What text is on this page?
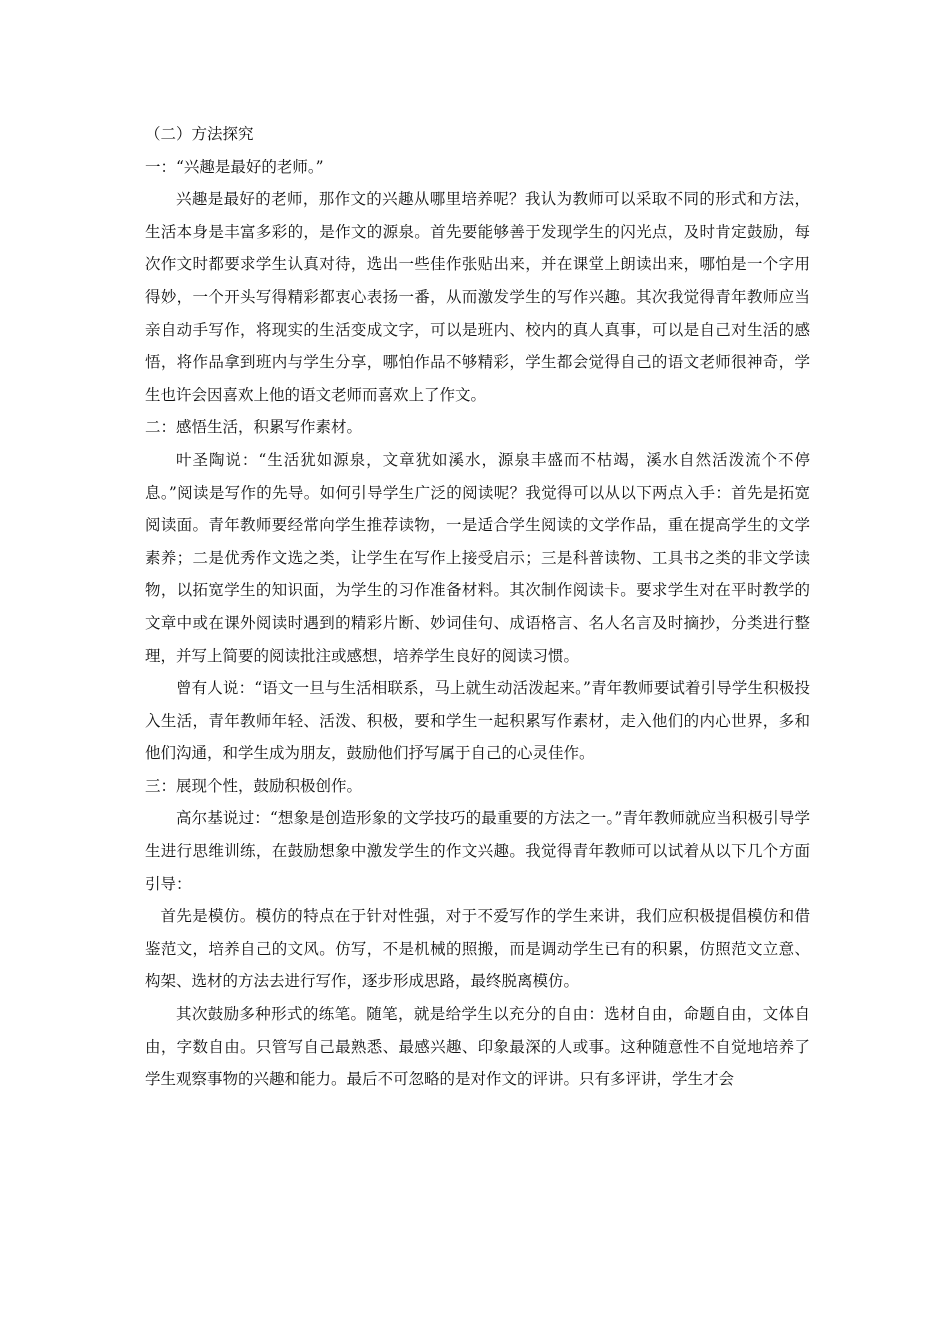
（二）方法探究

一：“兴趣是最好的老师。”

兴趣是最好的老师，那作文的兴趣从哪里培养呢？我认为教师可以采取不同的形式和方法，生活本身是丰富多彩的，是作文的源泉。首先要能够善于发现学生的闪光点，及时肯定鼓励，每次作文时都要求学生认真对待，选出一些佳作张贴出来，并在课堂上朗读出来，哪怕是一个字用得妙，一个开头写得精彩都衷心表扬一番，从而激发学生的写作兴趣。其次我觉得青年教师应当亲自动手写作，将现实的生活变成文字，可以是班内、校内的真人真事，可以是自己对生活的感悟，将作品拿到班内与学生分享，哪怕作品不够精彩，学生都会觉得自己的语文老师很神奇，学生也许会因喜欢上他的语文老师而喜欢上了作文。

二：感悟生活，积累写作素材。

叶圣陶说：“生活犹如源泉，文章犹如溪水，源泉丰盛而不枯竭，溪水自然活泼流个不停息。”阅读是写作的先导。如何引导学生广泛的阅读呢？我觉得可以从以下两点入手：首先是拓宽阅读面。青年教师要经常向学生推荐读物，一是适合学生阅读的文学作品，重在提高学生的文学素养；二是优秀作文选之类，让学生在写作上接受启示；三是科普读物、工具书之类的非文学读物，以拓宽学生的知识面，为学生的习作准备材料。其次制作阅读卡。要求学生对在平时教学的文章中或在课外阅读时遇到的精彩片断、妙词佳句、成语格言、名人名言及时摘抄，分类进行整理，并写上简要的阅读批注或感想，培养学生良好的阅读习惯。

曾有人说：“语文一旦与生活相联系，马上就生动活泼起来。”青年教师要试着引导学生积极投入生活，青年教师年轻、活泼、积极，要和学生一起积累写作素材，走入他们的内心世界，多和他们沟通，和学生成为朋友，鼓励他们抒写属于自己的心灵佳作。

三：展现个性，鼓励积极创作。

高尔基说过：“想象是创造形象的文学技巧的最重要的方法之一。”青年教师就应当积极引导学生进行思维训练，在鼓励想象中激发学生的作文兴趣。我觉得青年教师可以试着从以下几个方面引导：

首先是模仿。模仿的特点在于针对性强，对于不爱写作的学生来讲，我们应积极提倡模仿和借鉴范文，培养自己的文风。仿写，不是机械的照搬，而是调动学生已有的积累，仿照范文立意、构架、选材的方法去进行写作，逐步形成思路，最终脱离模仿。

其次鼓励多种形式的练笔。随笔，就是给学生以充分的自由：选材自由，命题自由，文体自由，字数自由。只管写自己最熟悉、最感兴趣、印象最深的人或事。这种随意性不自觉地培养了学生观察事物的兴趣和能力。最后不可忽略的是对作文的评讲。只有多评讲，学生才会
